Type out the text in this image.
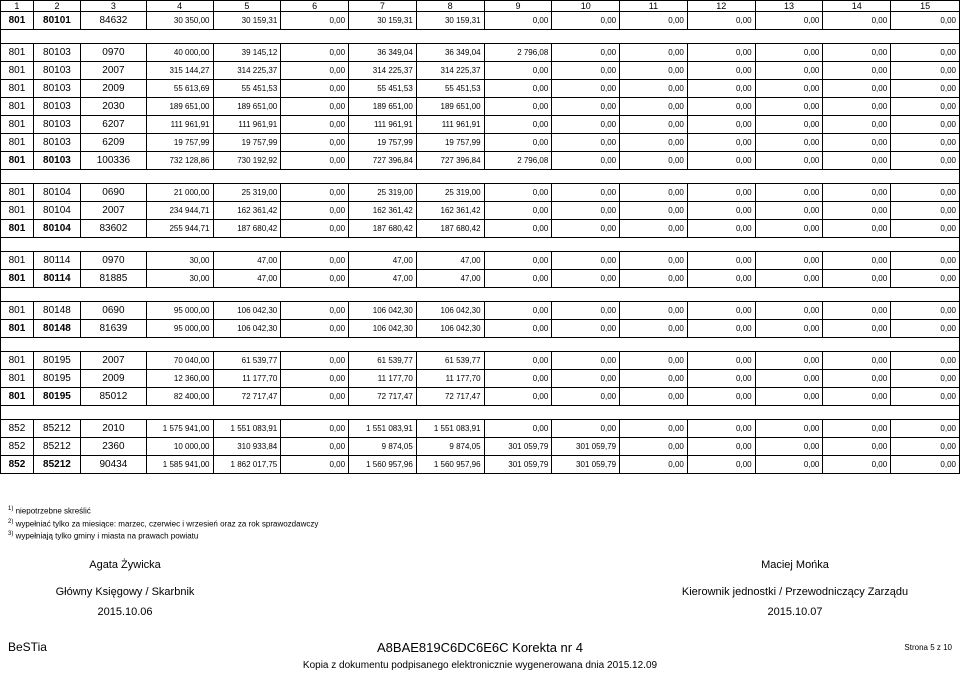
1	2	3	4	5	6	7	8	9	10	11	12	13	14	15
801	80101	84632	30 350,00	30 159,31	0,00	30 159,31	30 159,31	0,00	0,00	0,00	0,00	0,00	0,00	0,00

801	80103	0970	40 000,00	39 145,12	0,00	36 349,04	36 349,04	2 796,08	0,00	0,00	0,00	0,00	0,00	0,00
801	80103	2007	315 144,27	314 225,37	0,00	314 225,37	314 225,37	0,00	0,00	0,00	0,00	0,00	0,00	0,00
801	80103	2009	55 613,69	55 451,53	0,00	55 451,53	55 451,53	0,00	0,00	0,00	0,00	0,00	0,00	0,00
801	80103	2030	189 651,00	189 651,00	0,00	189 651,00	189 651,00	0,00	0,00	0,00	0,00	0,00	0,00	0,00
801	80103	6207	111 961,91	111 961,91	0,00	111 961,91	111 961,91	0,00	0,00	0,00	0,00	0,00	0,00	0,00
801	80103	6209	19 757,99	19 757,99	0,00	19 757,99	19 757,99	0,00	0,00	0,00	0,00	0,00	0,00	0,00
801	80103	100336	732 128,86	730 192,92	0,00	727 396,84	727 396,84	2 796,08	0,00	0,00	0,00	0,00	0,00	0,00

801	80104	0690	21 000,00	25 319,00	0,00	25 319,00	25 319,00	0,00	0,00	0,00	0,00	0,00	0,00	0,00
801	80104	2007	234 944,71	162 361,42	0,00	162 361,42	162 361,42	0,00	0,00	0,00	0,00	0,00	0,00	0,00
801	80104	83602	255 944,71	187 680,42	0,00	187 680,42	187 680,42	0,00	0,00	0,00	0,00	0,00	0,00	0,00

801	80114	0970	30,00	47,00	0,00	47,00	47,00	0,00	0,00	0,00	0,00	0,00	0,00	0,00
801	80114	81885	30,00	47,00	0,00	47,00	47,00	0,00	0,00	0,00	0,00	0,00	0,00	0,00

801	80148	0690	95 000,00	106 042,30	0,00	106 042,30	106 042,30	0,00	0,00	0,00	0,00	0,00	0,00	0,00
801	80148	81639	95 000,00	106 042,30	0,00	106 042,30	106 042,30	0,00	0,00	0,00	0,00	0,00	0,00	0,00

801	80195	2007	70 040,00	61 539,77	0,00	61 539,77	61 539,77	0,00	0,00	0,00	0,00	0,00	0,00	0,00
801	80195	2009	12 360,00	11 177,70	0,00	11 177,70	11 177,70	0,00	0,00	0,00	0,00	0,00	0,00	0,00
801	80195	85012	82 400,00	72 717,47	0,00	72 717,47	72 717,47	0,00	0,00	0,00	0,00	0,00	0,00	0,00

852	85212	2010	1 575 941,00	1 551 083,91	0,00	1 551 083,91	1 551 083,91	0,00	0,00	0,00	0,00	0,00	0,00	0,00
852	85212	2360	10 000,00	310 933,84	0,00	9 874,05	9 874,05	301 059,79	301 059,79	0,00	0,00	0,00	0,00	0,00
852	85212	90434	1 585 941,00	1 862 017,75	0,00	1 560 957,96	1 560 957,96	301 059,79	301 059,79	0,00	0,00	0,00	0,00	0,00
$^{1)}$ niepotrzebne skreślić
$^{2)}$ wypełniać tylko za miesiące: marzec, czerwiec i wrzesień oraz za rok sprawozdawczy
$^{3)}$ wypełniają tylko gminy i miasta na prawach powiatu
Agata Żywicka
Główny Księgowy / Skarbnik
2015.10.06
Maciej Mońka
Kierownik jednostki / Przewodniczący Zarządu
2015.10.07
BeSTia	A8BAE819C6DC6E6C Korekta nr 4	Strona 5 z 10
Kopia z dokumentu podpisanego elektronicznie wygenerowana dnia 2015.12.09
